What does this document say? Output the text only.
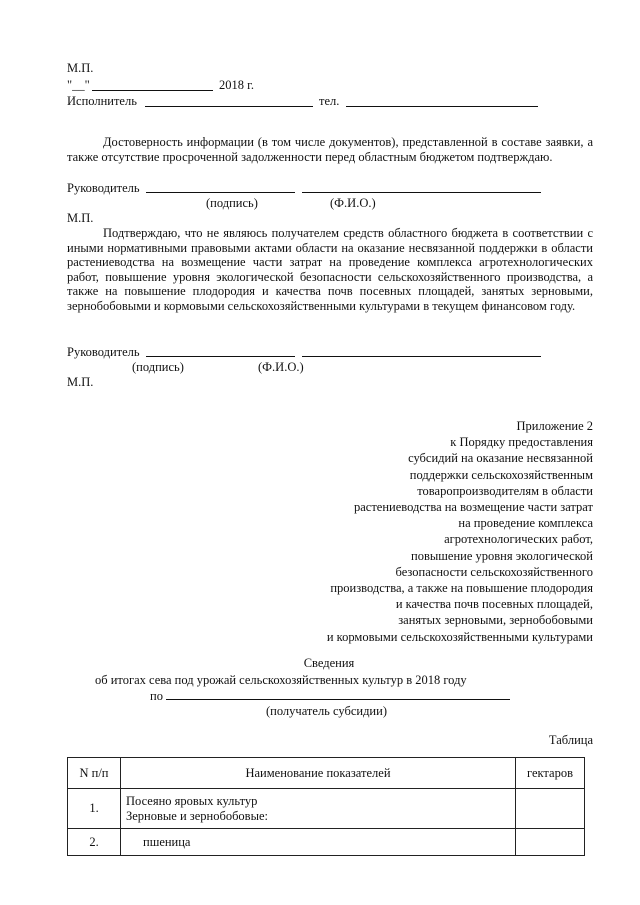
М.П.
"__"	2018 г.
Исполнитель	тел.

Достоверность информации (в том числе документов), представленной в составе заявки, а также отсутствие просроченной задолженности перед областным бюджетом подтверждаю.

Руководитель
(подпись)	(Ф.И.О.)
М.П.

Подтверждаю, что не являюсь получателем средств областного бюджета в соответствии с иными нормативными правовыми актами области на оказание несвязанной поддержки в области растениеводства на возмещение части затрат на проведение комплекса агротехнологических работ, повышение уровня экологической безопасности сельскохозяйственного производства, а также на повышение плодородия и качества почв посевных площадей, занятых зерновыми, зернобобовыми и кормовыми сельскохозяйственными культурами в текущем финансовом году.

Руководитель
(подпись)	(Ф.И.О.)
М.П.
Приложение 2
к Порядку предоставления
субсидий на оказание несвязанной
поддержки сельскохозяйственным
товаропроизводителям в области
растениеводства на возмещение части затрат
на проведение комплекса
агротехнологических работ,
повышение уровня экологической
безопасности сельскохозяйственного
производства, а также на повышение плодородия
и качества почв посевных площадей,
занятых зерновыми, зернобобовыми
и кормовыми сельскохозяйственными культурами
Сведения
об итогах сева под урожай сельскохозяйственных культур в 2018 году
по
(получатель субсидии)
Таблица
N п/п	Наименование показателей	гектаров
1.	Посеяно яровых культур
Зерновые и зернобобовые:	

2.	пшеница	
